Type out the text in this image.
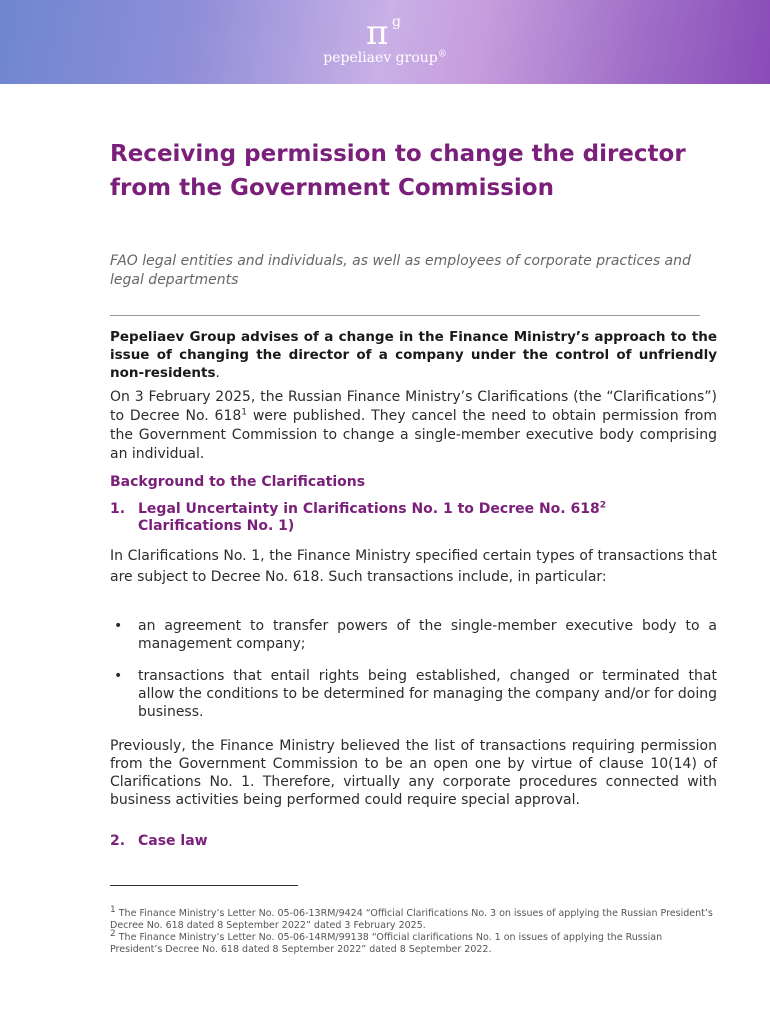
π g
pepeliaev group®
Receiving permission to change the director
from the Government Commission

FAO legal entities and individuals, as well as employees of corporate practices and legal departments

Pepeliaev Group advises of a change in the Finance Ministry’s approach to the issue of changing the director of a company under the control of unfriendly non-residents.

On 3 February 2025, the Russian Finance Ministry’s Clarifications (the “Clarifications”) to Decree No. $618^1$ were published. They cancel the need to obtain permission from the Government Commission to change a single-member executive body comprising an individual.

Background to the Clarifications
1. Legal Uncertainty in Clarifications No. 1 to Decree No. $618^2$ Clarifications No. 1)

In Clarifications No. 1, the Finance Ministry specified certain types of transactions that are subject to Decree No. 618. Such transactions include, in particular:

• an agreement to transfer powers of the single-member executive body to a management company;
• transactions that entail rights being established, changed or terminated that allow the conditions to be determined for managing the company and/or for doing business.

Previously, the Finance Ministry believed the list of transactions requiring permission from the Government Commission to be an open one by virtue of clause 10(14) of Clarifications No. 1. Therefore, virtually any corporate procedures connected with business activities being performed could require special approval.

2. Case law

$^1$ The Finance Ministry’s Letter No. 05-06-13RM/9424 “Official Clarifications No. 3 on issues of applying the Russian President’s Decree No. 618 dated 8 September 2022” dated 3 February 2025.

$^2$ The Finance Ministry’s Letter No. 05-06-14RM/99138 “Official clarifications No. 1 on issues of applying the Russian President’s Decree No. 618 dated 8 September 2022” dated 8 September 2022.
